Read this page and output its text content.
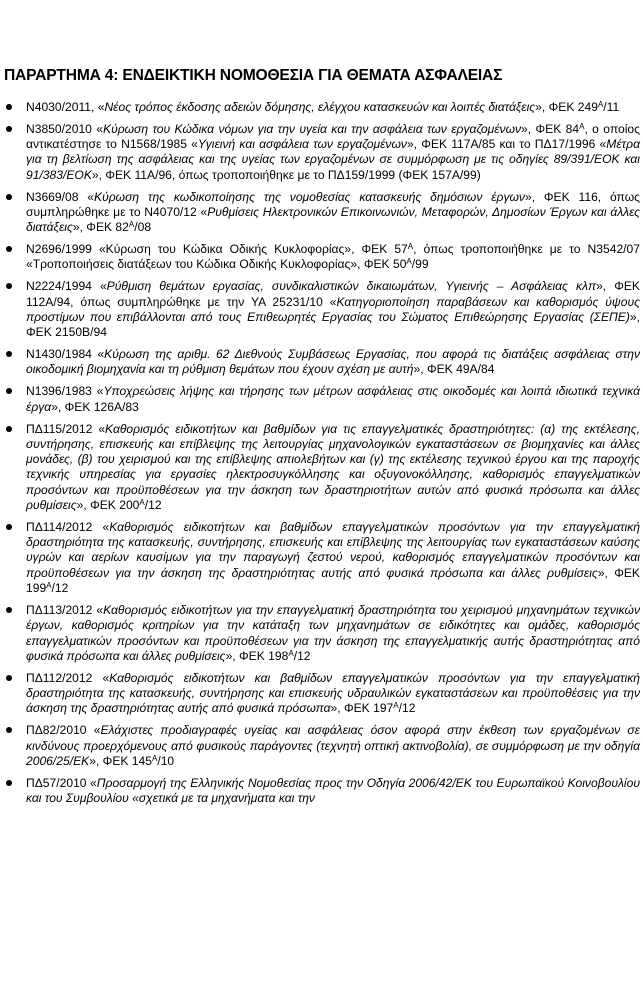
ΠΑΡΑΡΤΗΜΑ 4: ΕΝΔΕΙΚΤΙΚΗ ΝΟΜΟΘΕΣΙΑ ΓΙΑ ΘΕΜΑΤΑ ΑΣΦΑΛΕΙΑΣ
Ν4030/2011, «Νέος τρόπος έκδοσης αδειών δόμησης, ελέγχου κατασκευών και λοιπές διατάξεις», ΦΕΚ $249^A/11$
Ν3850/2010 «Κύρωση του Κώδικα νόμων για την υγεία και την ασφάλεια των εργαζομένων», ΦΕΚ $84^A$, ο οποίος αντικατέστησε το Ν1568/1985 «Υγιεινή και ασφάλεια των εργαζομένων», ΦΕΚ 117Α/85 και το ΠΔ17/1996 «Μέτρα για τη βελτίωση της ασφάλειας και της υγείας των εργαζομένων σε συμμόρφωση με τις οδηγίες 89/391/ΕΟΚ και 91/383/ΕΟΚ», ΦΕΚ 11Α/96, όπως τροποποιήθηκε με το ΠΔ159/1999 (ΦΕΚ 157Α/99)
Ν3669/08 «Κύρωση της κωδικοποίησης της νομοθεσίας κατασκευής δημόσιων έργων», ΦΕΚ 116, όπως συμπληρώθηκε με το Ν4070/12 «Ρυθμίσεις Ηλεκτρονικών Επικοινωνιών, Μεταφορών, Δημοσίων Έργων και άλλες διατάξεις», ΦΕΚ $82^A/08$
Ν2696/1999 «Κύρωση του Κώδικα Οδικής Κυκλοφορίας», ΦΕΚ $57^A$, όπως τροποποιήθηκε με το Ν3542/07 «Τροποποιήσεις διατάξεων του Κώδικα Οδικής Κυκλοφορίας», ΦΕΚ $50^A/99$
Ν2224/1994 «Ρύθμιση θεμάτων εργασίας, συνδικαλιστικών δικαιωμάτων, Υγιεινής – Ασφάλειας κλπ», ΦΕΚ 112Α/94, όπως συμπληρώθηκε με την ΥΑ 25231/10 «Κατηγοριοποίηση παραβάσεων και καθορισμός ύψους προστίμων που επιβάλλονται από τους Επιθεωρητές Εργασίας του Σώματος Επιθεώρησης Εργασίας (ΣΕΠΕ)», ΦΕΚ 2150Β/94
Ν1430/1984 «Κύρωση της αριθμ. 62 Διεθνούς Συμβάσεως Εργασίας, που αφορά τις διατάξεις ασφάλειας στην οικοδομική βιομηχανία και τη ρύθμιση θεμάτων που έχουν σχέση με αυτή», ΦΕΚ 49Α/84
Ν1396/1983 «Υποχρεώσεις λήψης και τήρησης των μέτρων ασφάλειας στις οικοδομές και λοιπά ιδιωτικά τεχνικά έργα», ΦΕΚ 126Α/83
ΠΔ115/2012 «Καθορισμός ειδικοτήτων και βαθμίδων για τις επαγγελματικές δραστηριότητες: (α) της εκτέλεσης, συντήρησης, επισκευής και επίβλεψης της λειτουργίας μηχανολογικών εγκαταστάσεων σε βιομηχανίες και άλλες μονάδες, (β) του χειρισμού και της επίβλεψης απιολεβήτων και (γ) της εκτέλεσης τεχνικού έργου και της παροχής τεχνικής υπηρεσίας για εργασίες ηλεκτροσυγκόλλησης και οξυγονοκόλλησης, καθορισμός επαγγελματικών προσόντων και προϋποθέσεων για την άσκηση των δραστηριοτήτων αυτών από φυσικά πρόσωπα και άλλες ρυθμίσεις», ΦΕΚ $200^A/12$
ΠΔ114/2012 «Καθορισμός ειδικοτήτων και βαθμίδων επαγγελματικών προσόντων για την επαγγελματική δραστηριότητα της κατασκευής, συντήρησης, επισκευής και επίβλεψης της λειτουργίας των εγκαταστάσεων καύσης υγρών και αερίων καυσίμων για την παραγωγή ζεστού νερού, καθορισμός επαγγελματικών προσόντων και προϋποθέσεων για την άσκηση της δραστηριότητας αυτής από φυσικά πρόσωπα και άλλες ρυθμίσεις», ΦΕΚ $199^A/12$
ΠΔ113/2012 «Καθορισμός ειδικοτήτων για την επαγγελματική δραστηριότητα του χειρισμού μηχανημάτων τεχνικών έργων, καθορισμός κριτηρίων για την κατάταξη των μηχανημάτων σε ειδικότητες και ομάδες, καθορισμός επαγγελματικών προσόντων και προϋποθέσεων για την άσκηση της επαγγελματικής αυτής δραστηριότητας από φυσικά πρόσωπα και άλλες ρυθμίσεις», ΦΕΚ $198^A/12$
ΠΔ112/2012 «Καθορισμός ειδικοτήτων και βαθμίδων επαγγελματικών προσόντων για την επαγγελματική δραστηριότητα της κατασκευής, συντήρησης και επισκευής υδραυλικών εγκαταστάσεων και προϋποθέσεις για την άσκηση της δραστηριότητας αυτής από φυσικά πρόσωπα», ΦΕΚ $197^A/12$
ΠΔ82/2010 «Ελάχιστες προδιαγραφές υγείας και ασφάλειας όσον αφορά στην έκθεση των εργαζομένων σε κινδύνους προερχόμενους από φυσικούς παράγοντες (τεχνητή οπτική ακτινοβολία), σε συμμόρφωση με την οδηγία 2006/25/ΕΚ», ΦΕΚ $145^A/10$
ΠΔ57/2010 «Προσαρμογή της Ελληνικής Νομοθεσίας προς την Οδηγία 2006/42/ΕΚ του Ευρωπαϊκού Κοινοβουλίου και του Συμβουλίου «σχετικά με τα μηχανήματα και την
